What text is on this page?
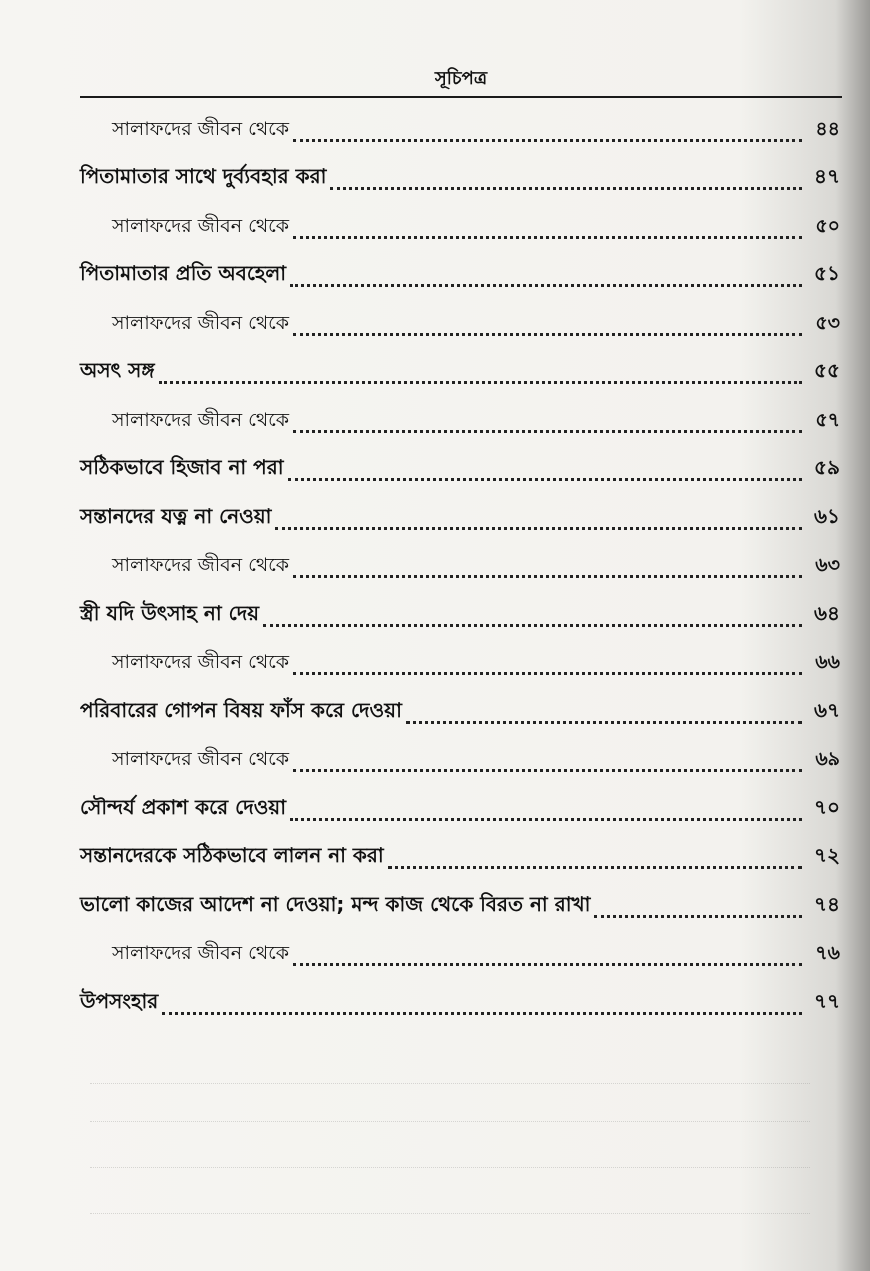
সূচিপত্র
সালাফদের জীবন থেকে	৪৪
পিতামাতার সাথে দুর্ব্যবহার করা	৪৭
সালাফদের জীবন থেকে	৫০
পিতামাতার প্রতি অবহেলা	৫১
সালাফদের জীবন থেকে	৫৩
অসৎ সঙ্গ	৫৫
সালাফদের জীবন থেকে	৫৭
সঠিকভাবে হিজাব না পরা	৫৯
সন্তানদের যত্ন না নেওয়া	৬১
সালাফদের জীবন থেকে	৬৩
স্ত্রী যদি উৎসাহ না দেয়	৬৪
সালাফদের জীবন থেকে	৬৬
পরিবারের গোপন বিষয় ফাঁস করে দেওয়া	৬৭
সালাফদের জীবন থেকে	৬৯
সৌন্দর্য প্রকাশ করে দেওয়া	৭০
সন্তানদেরকে সঠিকভাবে লালন না করা	৭২
ভালো কাজের আদেশ না দেওয়া; মন্দ কাজ থেকে বিরত না রাখা	৭৪
সালাফদের জীবন থেকে	৭৬
উপসংহার	৭৭
